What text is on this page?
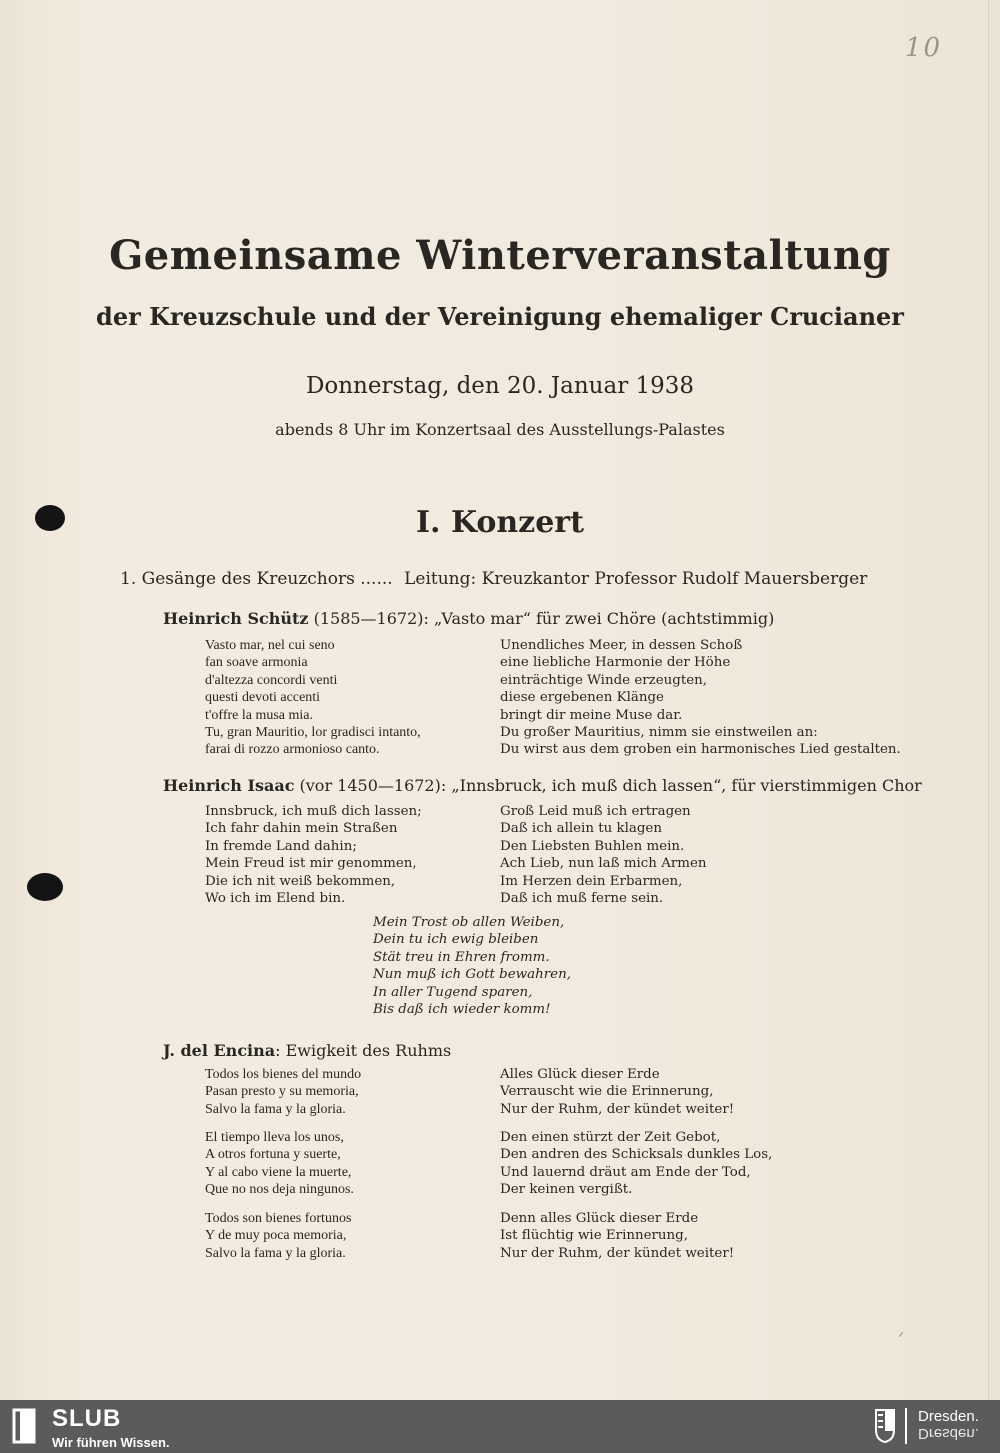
10
ᐟ
Gemeinsame Winterveranstaltung
der Kreuzschule und der Vereinigung ehemaliger Crucianer
Donnerstag, den 20. Januar 1938
abends 8 Uhr im Konzertsaal des Ausstellungs-Palastes
I. Konzert
1. Gesänge des Kreuzchors ...... Leitung: Kreuzkantor Professor Rudolf Mauersberger
Heinrich Schütz (1585—1672): „Vasto mar“ für zwei Chöre (achtstimmig)
Vasto mar, nel cui seno
fan soave armonia
d'altezza concordi venti
questi devoti accenti
t'offre la musa mia.
Tu, gran Mauritio, lor gradisci intanto,
farai di rozzo armonioso canto.
Unendliches Meer, in dessen Schoß
eine liebliche Harmonie der Höhe
einträchtige Winde erzeugten,
diese ergebenen Klänge
bringt dir meine Muse dar.
Du großer Mauritius, nimm sie einstweilen an:
Du wirst aus dem groben ein harmonisches Lied gestalten.
Heinrich Isaac (vor 1450—1672): „Innsbruck, ich muß dich lassen“, für vierstimmigen Chor
Innsbruck, ich muß dich lassen;
Ich fahr dahin mein Straßen
In fremde Land dahin;
Mein Freud ist mir genommen,
Die ich nit weiß bekommen,
Wo ich im Elend bin.
Groß Leid muß ich ertragen
Daß ich allein tu klagen
Den Liebsten Buhlen mein.
Ach Lieb, nun laß mich Armen
Im Herzen dein Erbarmen,
Daß ich muß ferne sein.
Mein Trost ob allen Weiben,
Dein tu ich ewig bleiben
Stät treu in Ehren fromm.
Nun muß ich Gott bewahren,
In aller Tugend sparen,
Bis daß ich wieder komm!
J. del Encina: Ewigkeit des Ruhms
Todos los bienes del mundo
Pasan presto y su memoria,
Salvo la fama y la gloria.
Alles Glück dieser Erde
Verrauscht wie die Erinnerung,
Nur der Ruhm, der kündet weiter!
El tiempo lleva los unos,
A otros fortuna y suerte,
Y al cabo viene la muerte,
Que no nos deja ningunos.
Den einen stürzt der Zeit Gebot,
Den andren des Schicksals dunkles Los,
Und lauernd dräut am Ende der Tod,
Der keinen vergißt.
Todos son bienes fortunos
Y de muy poca memoria,
Salvo la fama y la gloria.
Denn alles Glück dieser Erde
Ist flüchtig wie Erinnerung,
Nur der Ruhm, der kündet weiter!
SLUB
Wir führen Wissen.
Dresden.
Dresden.
